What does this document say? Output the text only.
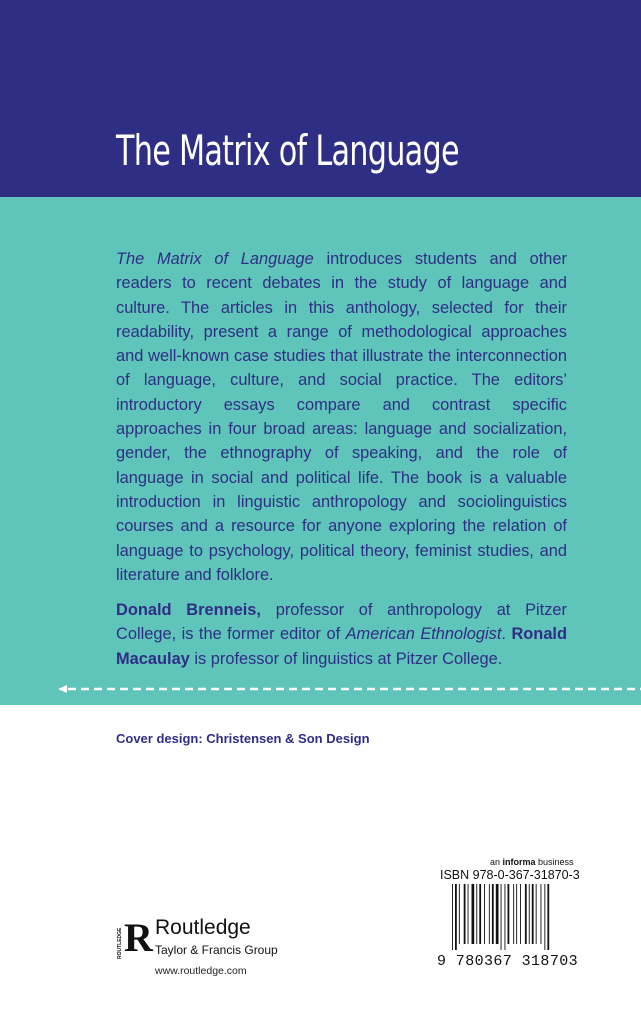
The Matrix of Language

The Matrix of Language introduces students and other readers to recent debates in the study of language and culture. The articles in this anthology, selected for their readability, present a range of methodological approaches and well-known case studies that illustrate the interconnection of language, culture, and social practice. The editors’ introductory essays compare and contrast specific approaches in four broad areas: language and socialization, gender, the ethnography of speaking, and the role of language in social and political life. The book is a valuable introduction in linguistic anthropology and sociolinguistics courses and a resource for anyone exploring the relation of language to psychology, political theory, feminist studies, and literature and folklore.

Donald Brenneis, professor of anthropology at Pitzer College, is the former editor of American Ethnologist. Ronald Macaulay is professor of linguistics at Pitzer College.

Cover design: Christensen & Son Design

an informa business

ISBN 978-0-367-31870-3

9 780367 318703

ROUTLEDGE R Routledge

Taylor & Francis Group

www.routledge.com
